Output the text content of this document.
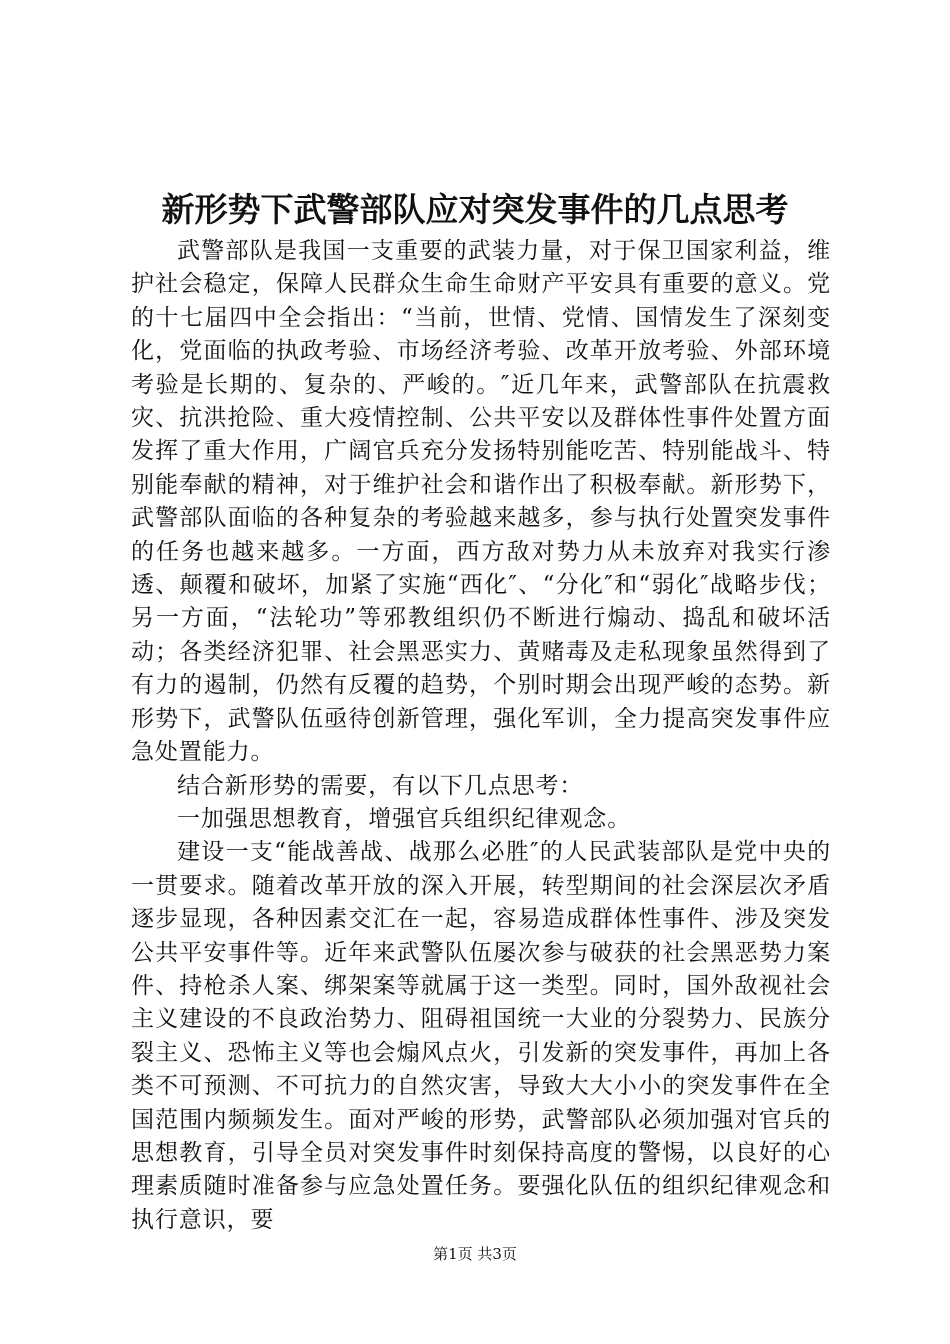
新形势下武警部队应对突发事件的几点思考

武警部队是我国一支重要的武装力量，对于保卫国家利益，维护社会稳定，保障人民群众生命生命财产平安具有重要的意义。党的十七届四中全会指出：“当前，世情、党情、国情发生了深刻变化，党面临的执政考验、市场经济考验、改革开放考验、外部环境考验是长期的、复杂的、严峻的。″近几年来，武警部队在抗震救灾、抗洪抢险、重大疫情控制、公共平安以及群体性事件处置方面发挥了重大作用，广阔官兵充分发扬特别能吃苦、特别能战斗、特别能奉献的精神，对于维护社会和谐作出了积极奉献。新形势下，武警部队面临的各种复杂的考验越来越多，参与执行处置突发事件的任务也越来越多。一方面，西方敌对势力从未放弃对我实行渗透、颠覆和破坏，加紧了实施“西化″、“分化″和“弱化″战略步伐；另一方面，“法轮功”等邪教组织仍不断进行煽动、捣乱和破坏活动；各类经济犯罪、社会黑恶实力、黄赌毒及走私现象虽然得到了有力的遏制，仍然有反覆的趋势，个别时期会出现严峻的态势。新形势下，武警队伍亟待创新管理，强化军训，全力提高突发事件应急处置能力。

结合新形势的需要，有以下几点思考：

一加强思想教育，增强官兵组织纪律观念。

建设一支“能战善战、战那么必胜″的人民武装部队是党中央的一贯要求。随着改革开放的深入开展，转型期间的社会深层次矛盾逐步显现，各种因素交汇在一起，容易造成群体性事件、涉及突发公共平安事件等。近年来武警队伍屡次参与破获的社会黑恶势力案件、持枪杀人案、绑架案等就属于这一类型。同时，国外敌视社会主义建设的不良政治势力、阻碍祖国统一大业的分裂势力、民族分裂主义、恐怖主义等也会煽风点火，引发新的突发事件，再加上各类不可预测、不可抗力的自然灾害，导致大大小小的突发事件在全国范围内频频发生。面对严峻的形势，武警部队必须加强对官兵的思想教育，引导全员对突发事件时刻保持高度的警惕，以良好的心理素质随时准备参与应急处置任务。要强化队伍的组织纪律观念和执行意识，要

第1页 共3页
